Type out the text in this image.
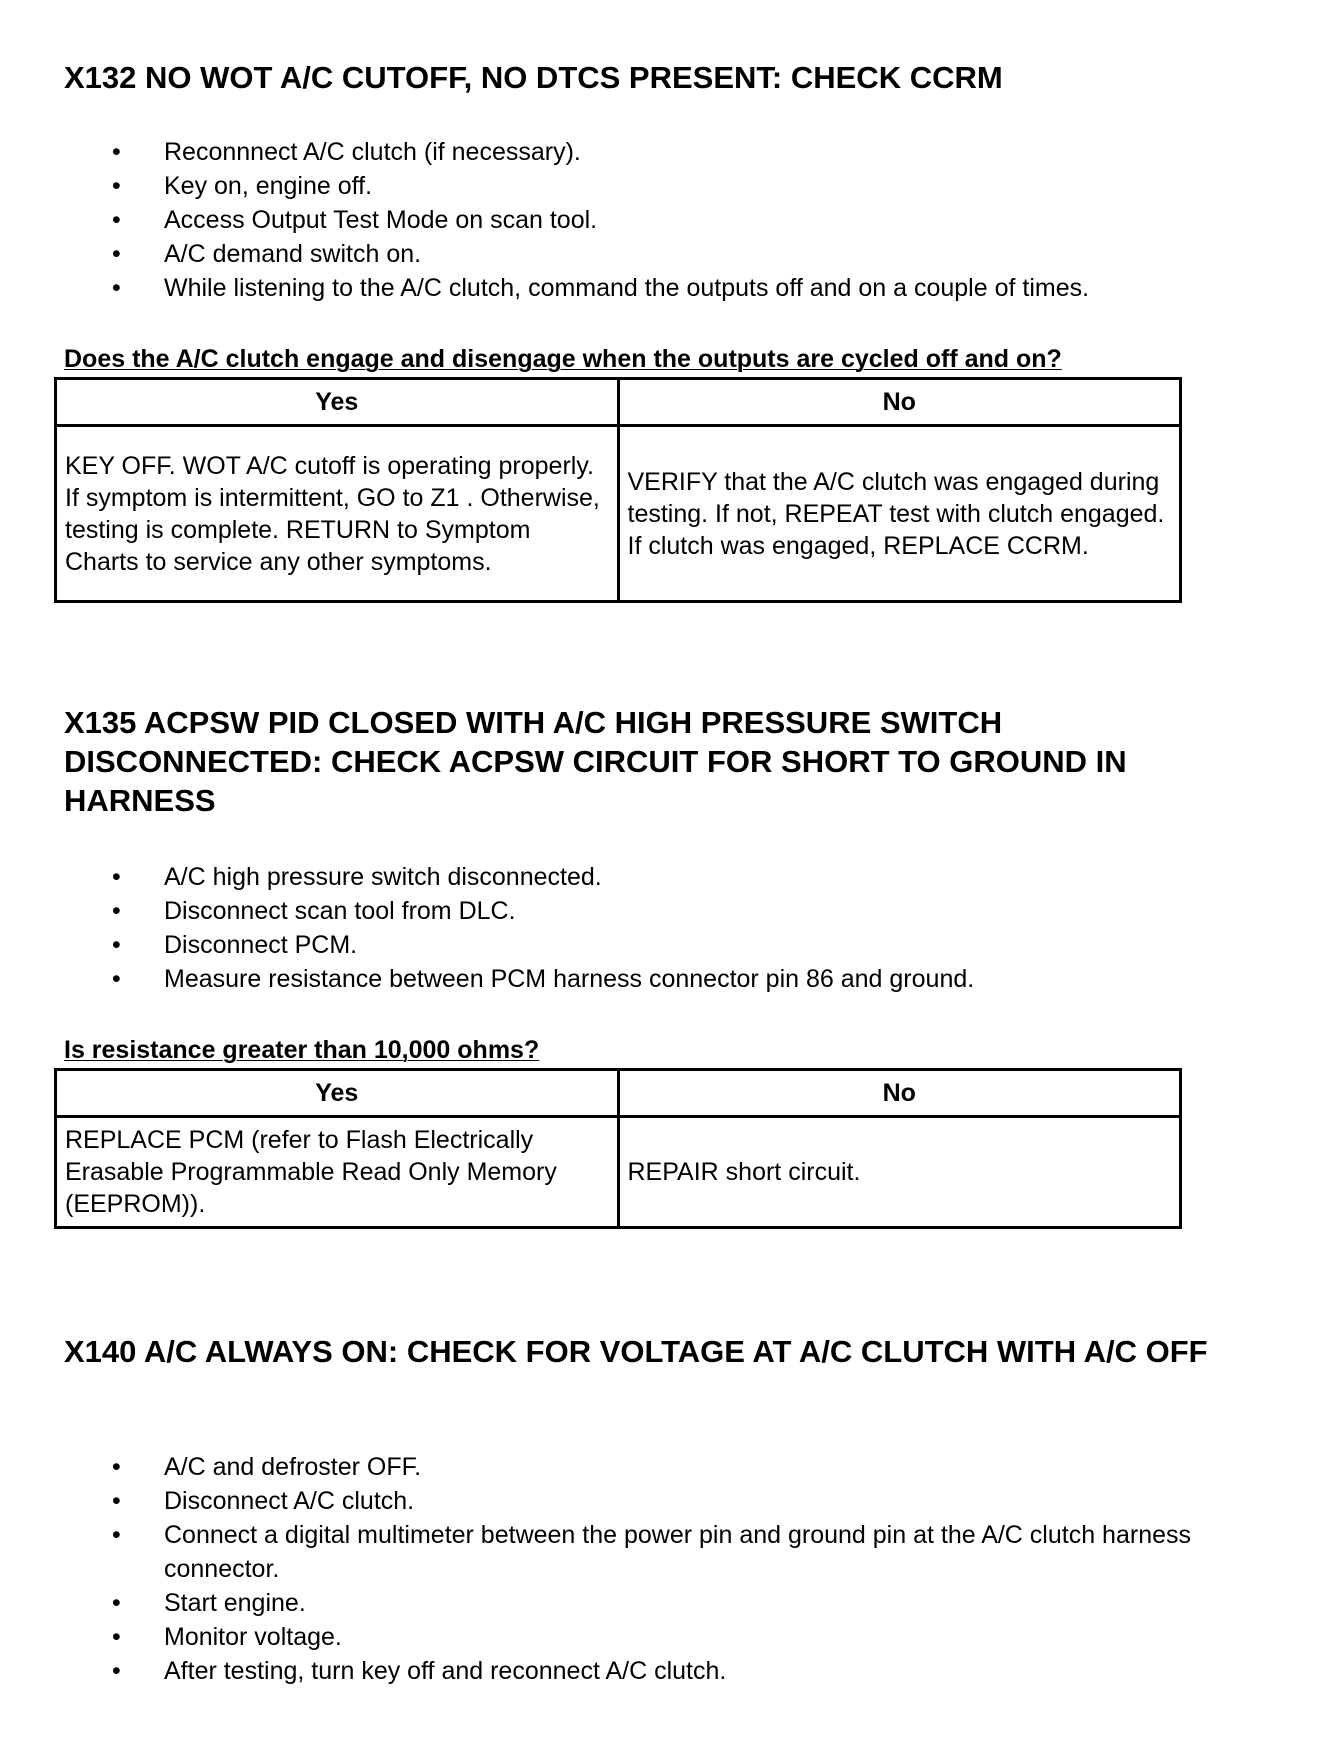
X132 NO WOT A/C CUTOFF, NO DTCS PRESENT: CHECK CCRM
• Reconnnect A/C clutch (if necessary).
• Key on, engine off.
• Access Output Test Mode on scan tool.
• A/C demand switch on.
• While listening to the A/C clutch, command the outputs off and on a couple of times.

Does the A/C clutch engage and disengage when the outputs are cycled off and on?

Yes	No
KEY OFF. WOT A/C cutoff is operating properly. If symptom is intermittent, GO to Z1 . Otherwise, testing is complete. RETURN to Symptom Charts to service any other symptoms.	VERIFY that the A/C clutch was engaged during testing. If not, REPEAT test with clutch engaged. If clutch was engaged, REPLACE CCRM.
X135 ACPSW PID CLOSED WITH A/C HIGH PRESSURE SWITCH DISCONNECTED: CHECK ACPSW CIRCUIT FOR SHORT TO GROUND IN HARNESS
• A/C high pressure switch disconnected.
• Disconnect scan tool from DLC.
• Disconnect PCM.
• Measure resistance between PCM harness connector pin 86 and ground.

Is resistance greater than 10,000 ohms?

Yes	No
REPLACE PCM (refer to Flash Electrically Erasable Programmable Read Only Memory (EEPROM)).	REPAIR short circuit.
X140 A/C ALWAYS ON: CHECK FOR VOLTAGE AT A/C CLUTCH WITH A/C OFF
• A/C and defroster OFF.
• Disconnect A/C clutch.
• Connect a digital multimeter between the power pin and ground pin at the A/C clutch harness connector.
• Start engine.
• Monitor voltage.
• After testing, turn key off and reconnect A/C clutch.
